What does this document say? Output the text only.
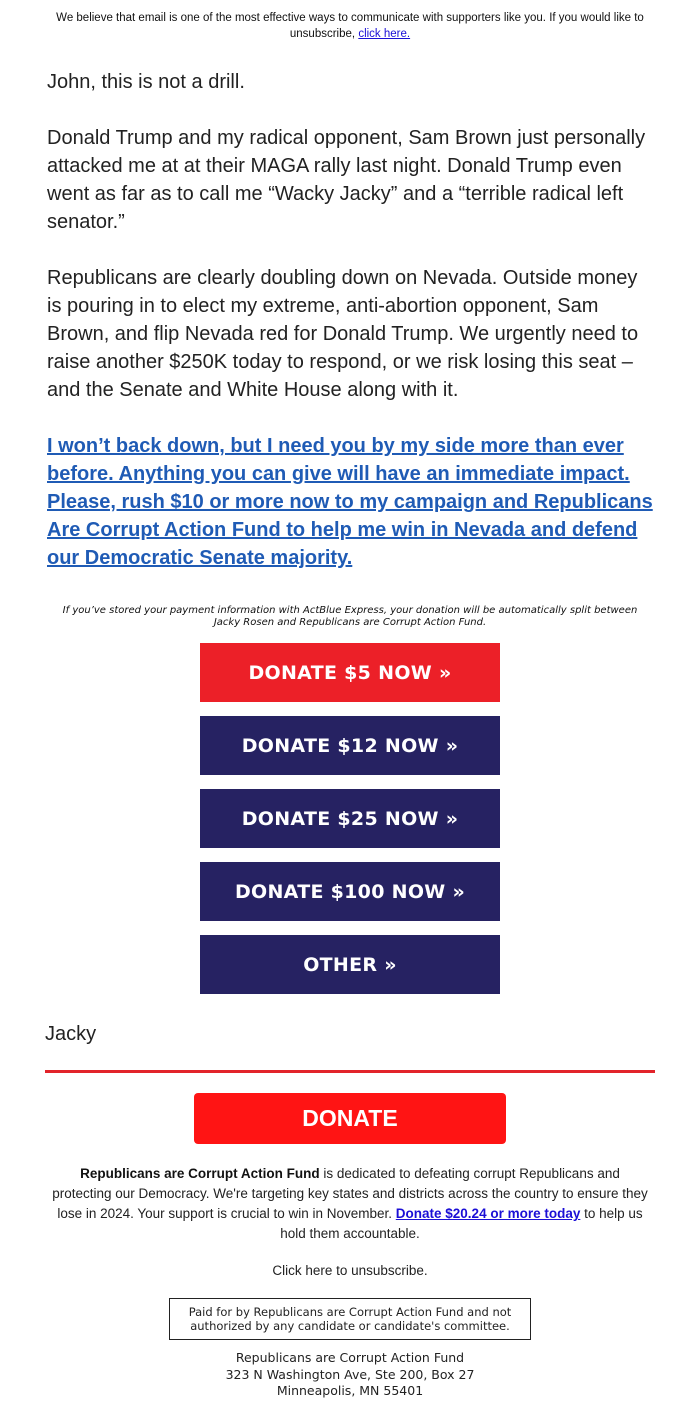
We believe that email is one of the most effective ways to communicate with supporters like you. If you would like to unsubscribe, click here.
John, this is not a drill.
Donald Trump and my radical opponent, Sam Brown just personally attacked me at at their MAGA rally last night. Donald Trump even went as far as to call me “Wacky Jacky” and a “terrible radical left senator.”
Republicans are clearly doubling down on Nevada. Outside money is pouring in to elect my extreme, anti-abortion opponent, Sam Brown, and flip Nevada red for Donald Trump. We urgently need to raise another $250K today to respond, or we risk losing this seat – and the Senate and White House along with it.
I won’t back down, but I need you by my side more than ever before. Anything you can give will have an immediate impact. Please, rush $10 or more now to my campaign and Republicans Are Corrupt Action Fund to help me win in Nevada and defend our Democratic Senate majority.
If you’ve stored your payment information with ActBlue Express, your donation will be automatically split between Jacky Rosen and Republicans are Corrupt Action Fund.
DONATE $5 NOW »
DONATE $12 NOW »
DONATE $25 NOW »
DONATE $100 NOW »
OTHER »
Jacky
DONATE
Republicans are Corrupt Action Fund is dedicated to defeating corrupt Republicans and protecting our Democracy. We're targeting key states and districts across the country to ensure they lose in 2024. Your support is crucial to win in November. Donate $20.24 or more today to help us hold them accountable.
Click here to unsubscribe.
Paid for by Republicans are Corrupt Action Fund and not authorized by any candidate or candidate's committee.
Republicans are Corrupt Action Fund
323 N Washington Ave, Ste 200, Box 27
Minneapolis, MN 55401
